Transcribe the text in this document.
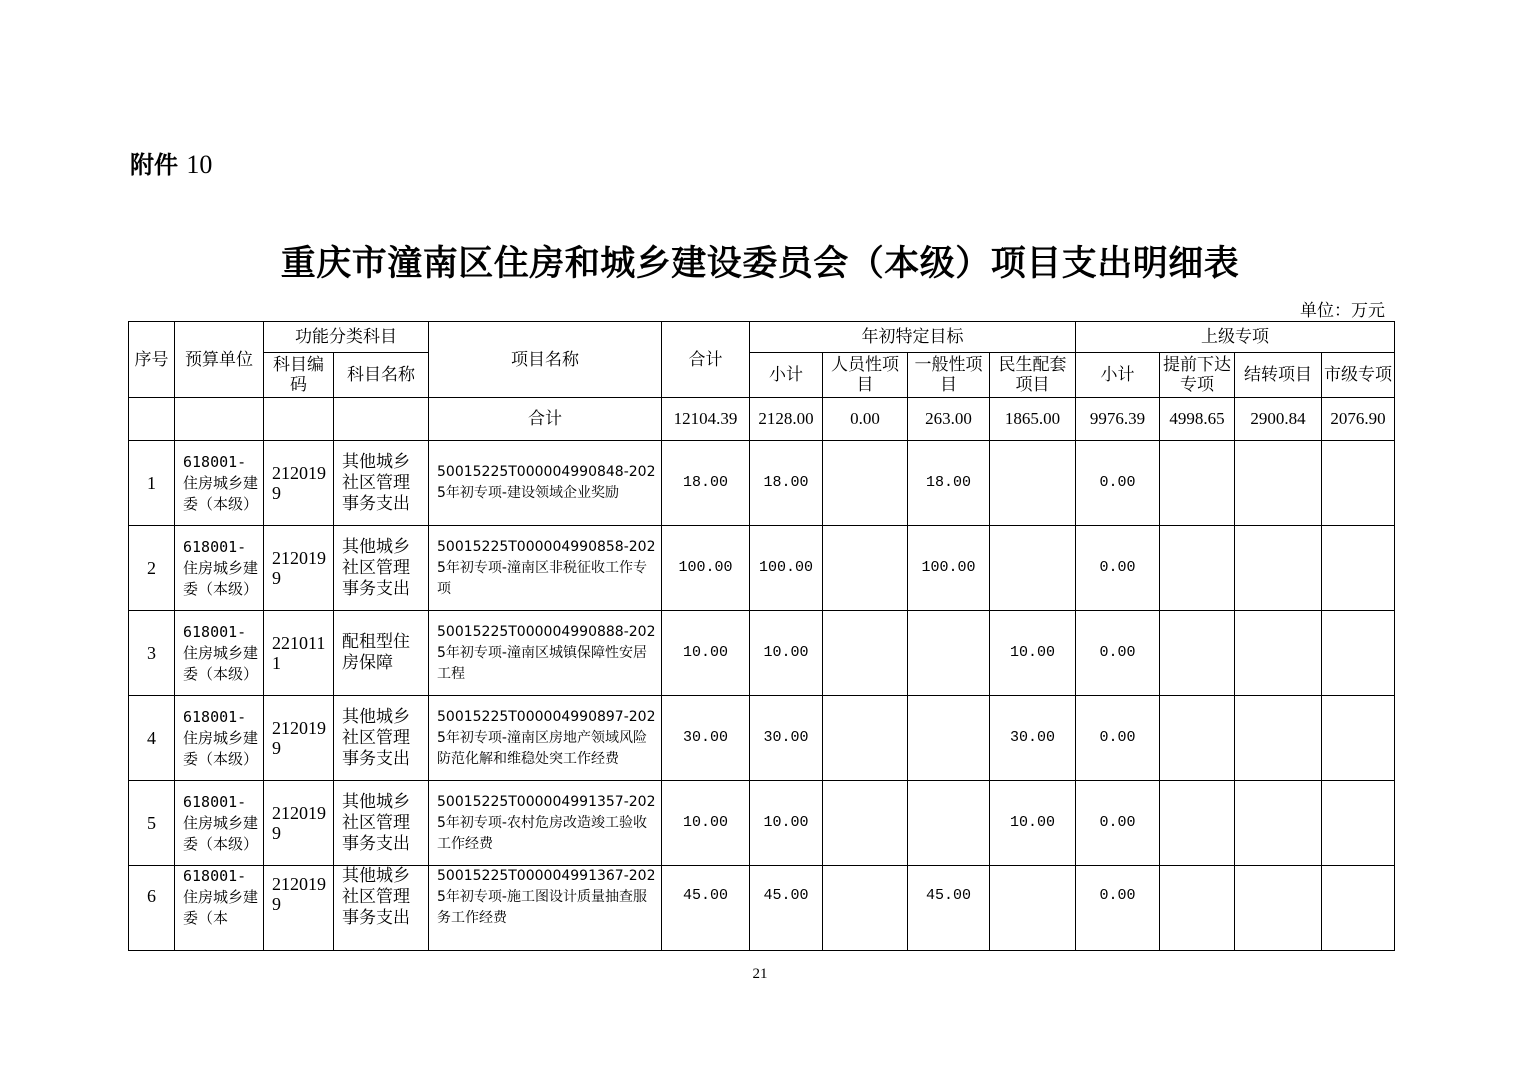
附件 10
重庆市潼南区住房和城乡建设委员会（本级）项目支出明细表
单位：万元
序号	预算单位	功能分类科目		项目名称	合计	年初特定目标				上级专项			
		科目编码	科目名称			小计	人员性项目	一般性项目	民生配套项目	小计	提前下达专项	结转项目	市级专项
				合计	12104.39	2128.00	0.00	263.00	1865.00	9976.39	4998.65	2900.84	2076.90
1	618001-
住房城乡建委（本级）	2120199	其他城乡社区管理事务支出	50015225T000004990848-2025年初专项-建设领域企业奖励	18.00	18.00		18.00		0.00			
2	618001-
住房城乡建委（本级）	2120199	其他城乡社区管理事务支出	50015225T000004990858-2025年初专项-潼南区非税征收工作专项	100.00	100.00		100.00		0.00			
3	618001-
住房城乡建委（本级）	2210111	配租型住房保障	50015225T000004990888-2025年初专项-潼南区城镇保障性安居工程	10.00	10.00			10.00	0.00			
4	618001-
住房城乡建委（本级）	2120199	其他城乡社区管理事务支出	50015225T000004990897-2025年初专项-潼南区房地产领域风险防范化解和维稳处突工作经费	30.00	30.00			30.00	0.00			
5	618001-
住房城乡建委（本级）	2120199	其他城乡社区管理事务支出	50015225T000004991357-2025年初专项-农村危房改造竣工验收工作经费	10.00	10.00			10.00	0.00			
6	618001-
住房城乡建委（本	2120199	其他城乡社区管理事务支出	50015225T000004991367-2025年初专项-施工图设计质量抽查服务工作经费	45.00	45.00		45.00		0.00			
21
